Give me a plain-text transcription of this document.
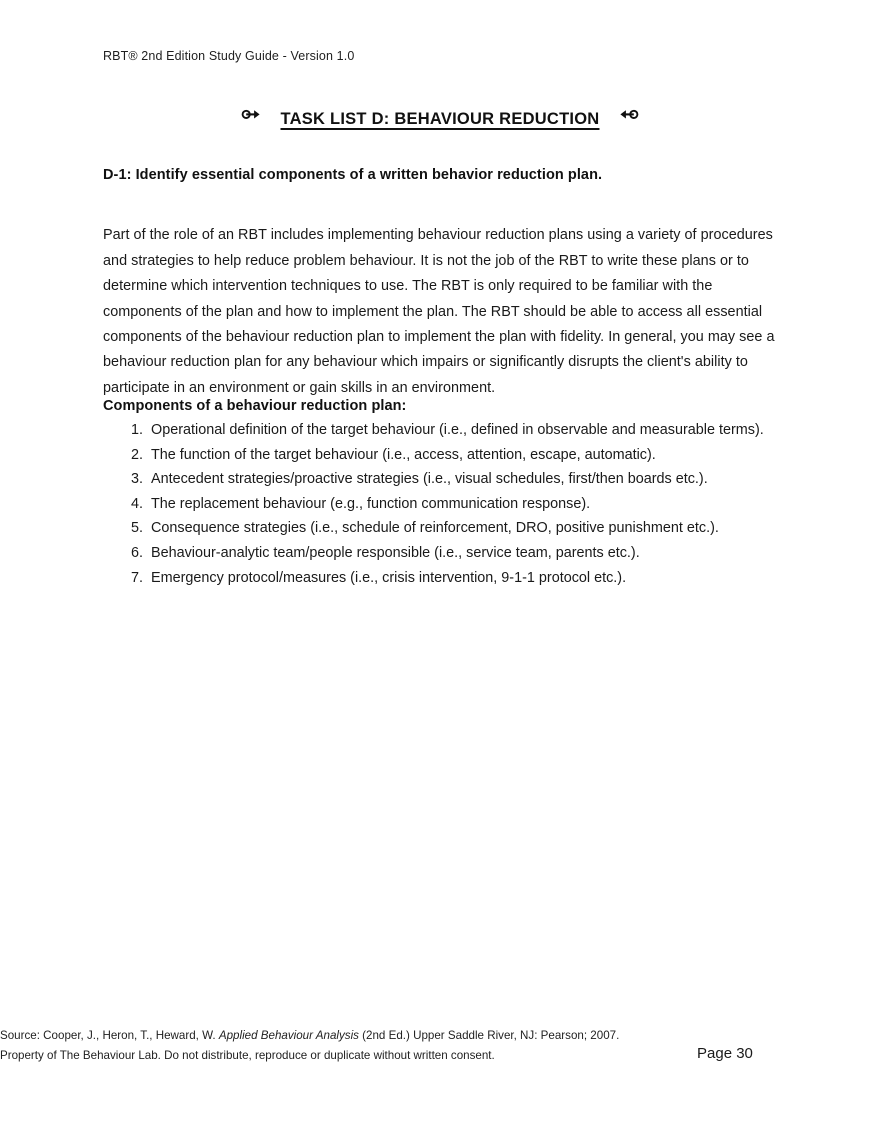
RBT® 2nd Edition Study Guide - Version 1.0
TASK LIST D: BEHAVIOUR REDUCTION
D-1: Identify essential components of a written behavior reduction plan.

Part of the role of an RBT includes implementing behaviour reduction plans using a variety of procedures and strategies to help reduce problem behaviour. It is not the job of the RBT to write these plans or to determine which intervention techniques to use. The RBT is only required to be familiar with the components of the plan and how to implement the plan. The RBT should be able to access all essential components of the behaviour reduction plan to implement the plan with fidelity. In general, you may see a behaviour reduction plan for any behaviour which impairs or significantly disrupts the client's ability to participate in an environment or gain skills in an environment.

Components of a behaviour reduction plan:
1. Operational definition of the target behaviour (i.e., defined in observable and measurable terms).
2. The function of the target behaviour (i.e., access, attention, escape, automatic).
3. Antecedent strategies/proactive strategies (i.e., visual schedules, first/then boards etc.).
4. The replacement behaviour (e.g., function communication response).
5. Consequence strategies (i.e., schedule of reinforcement, DRO, positive punishment etc.).
6. Behaviour-analytic team/people responsible (i.e., service team, parents etc.).
7. Emergency protocol/measures (i.e., crisis intervention, 9-1-1 protocol etc.).
Source: Cooper, J., Heron, T., Heward, W. Applied Behaviour Analysis (2nd Ed.) Upper Saddle River, NJ: Pearson; 2007.
Property of The Behaviour Lab. Do not distribute, reproduce or duplicate without written consent.	Page 30
